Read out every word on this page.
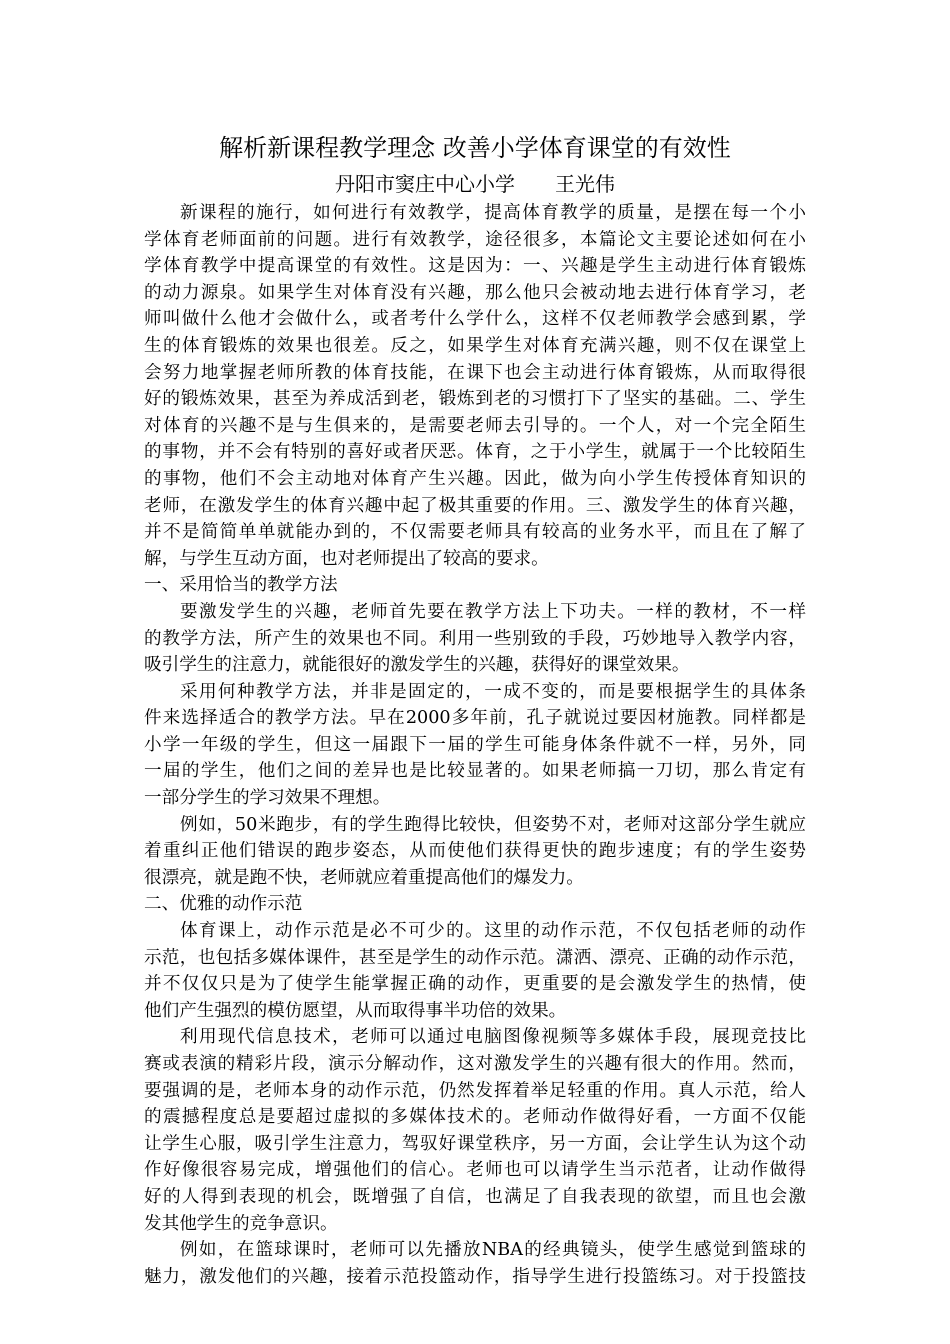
解析新课程教学理念 改善小学体育课堂的有效性
丹阳市窦庄中心小学　　王光伟
新课程的施行，如何进行有效教学，提高体育教学的质量，是摆在每一个小
学体育老师面前的问题。进行有效教学，途径很多，本篇论文主要论述如何在小
学体育教学中提高课堂的有效性。这是因为：一、兴趣是学生主动进行体育锻炼
的动力源泉。如果学生对体育没有兴趣，那么他只会被动地去进行体育学习，老
师叫做什么他才会做什么，或者考什么学什么，这样不仅老师教学会感到累，学
生的体育锻炼的效果也很差。反之，如果学生对体育充满兴趣，则不仅在课堂上
会努力地掌握老师所教的体育技能，在课下也会主动进行体育锻炼，从而取得很
好的锻炼效果，甚至为养成活到老，锻炼到老的习惯打下了坚实的基础。二、学生
对体育的兴趣不是与生俱来的，是需要老师去引导的。一个人，对一个完全陌生
的事物，并不会有特别的喜好或者厌恶。体育，之于小学生，就属于一个比较陌生
的事物，他们不会主动地对体育产生兴趣。因此，做为向小学生传授体育知识的
老师，在激发学生的体育兴趣中起了极其重要的作用。三、激发学生的体育兴趣，
并不是简简单单就能办到的，不仅需要老师具有较高的业务水平，而且在了解了
解，与学生互动方面，也对老师提出了较高的要求。
一、采用恰当的教学方法
要激发学生的兴趣，老师首先要在教学方法上下功夫。一样的教材，不一样
的教学方法，所产生的效果也不同。利用一些别致的手段，巧妙地导入教学内容，
吸引学生的注意力，就能很好的激发学生的兴趣，获得好的课堂效果。
采用何种教学方法，并非是固定的，一成不变的，而是要根据学生的具体条
件来选择适合的教学方法。早在2000多年前，孔子就说过要因材施教。同样都是
小学一年级的学生，但这一届跟下一届的学生可能身体条件就不一样，另外，同
一届的学生，他们之间的差异也是比较显著的。如果老师搞一刀切，那么肯定有
一部分学生的学习效果不理想。
例如，50米跑步，有的学生跑得比较快，但姿势不对，老师对这部分学生就应
着重纠正他们错误的跑步姿态，从而使他们获得更快的跑步速度；有的学生姿势
很漂亮，就是跑不快，老师就应着重提高他们的爆发力。
二、优雅的动作示范
体育课上，动作示范是必不可少的。这里的动作示范，不仅包括老师的动作
示范，也包括多媒体课件，甚至是学生的动作示范。潇洒、漂亮、正确的动作示范，
并不仅仅只是为了使学生能掌握正确的动作，更重要的是会激发学生的热情，使
他们产生强烈的模仿愿望，从而取得事半功倍的效果。
利用现代信息技术，老师可以通过电脑图像视频等多媒体手段，展现竞技比
赛或表演的精彩片段，演示分解动作，这对激发学生的兴趣有很大的作用。然而，
要强调的是，老师本身的动作示范，仍然发挥着举足轻重的作用。真人示范，给人
的震撼程度总是要超过虚拟的多媒体技术的。老师动作做得好看，一方面不仅能
让学生心服，吸引学生注意力，驾驭好课堂秩序，另一方面，会让学生认为这个动
作好像很容易完成，增强他们的信心。老师也可以请学生当示范者，让动作做得
好的人得到表现的机会，既增强了自信，也满足了自我表现的欲望，而且也会激
发其他学生的竞争意识。
例如，在篮球课时，老师可以先播放NBA的经典镜头，使学生感觉到篮球的
魅力，激发他们的兴趣，接着示范投篮动作，指导学生进行投篮练习。对于投篮技
